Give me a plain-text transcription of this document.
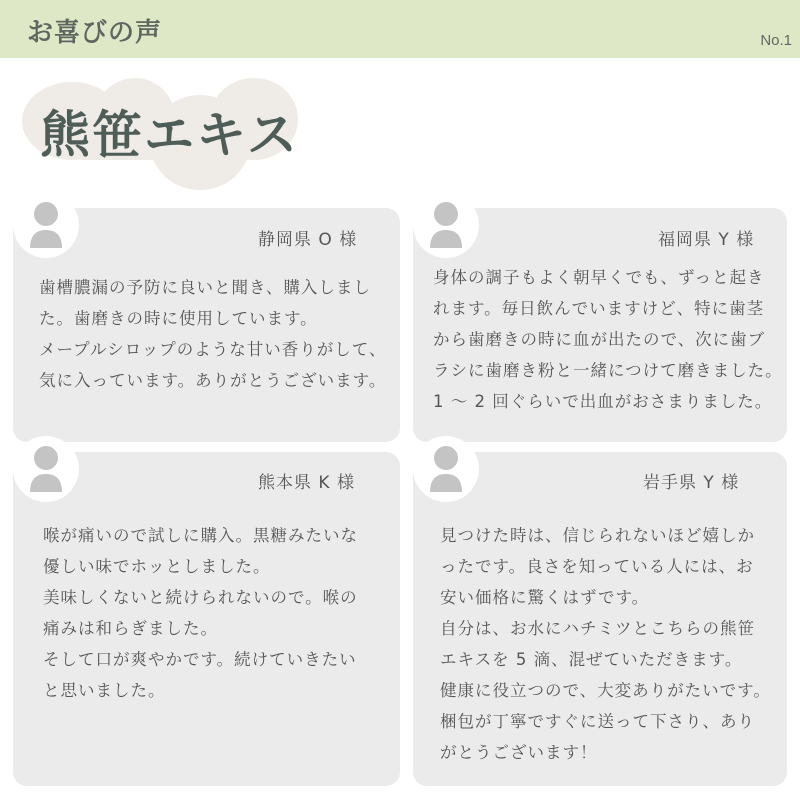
お喜びの声	No.1
熊笹エキス
静岡県 O 様
歯槽膿漏の予防に良いと聞き、購入しまし
た。歯磨きの時に使用しています。
メープルシロップのような甘い香りがして、
気に入っています。ありがとうございます。
福岡県 Y 様
身体の調子もよく朝早くでも、ずっと起き
れます。毎日飲んでいますけど、特に歯茎
から歯磨きの時に血が出たので、次に歯ブ
ラシに歯磨き粉と一緒につけて磨きました。
1 ～ 2 回ぐらいで出血がおさまりました。
熊本県 K 様
喉が痛いので試しに購入。黒糖みたいな
優しい味でホッとしました。
美味しくないと続けられないので。喉の
痛みは和らぎました。
そして口が爽やかです。続けていきたい
と思いました。
岩手県 Y 様
見つけた時は、信じられないほど嬉しか
ったです。良さを知っている人には、お
安い価格に驚くはずです。
自分は、お水にハチミツとこちらの熊笹
エキスを 5 滴、混ぜていただきます。
健康に役立つので、大変ありがたいです。
梱包が丁寧ですぐに送って下さり、あり
がとうございます！
